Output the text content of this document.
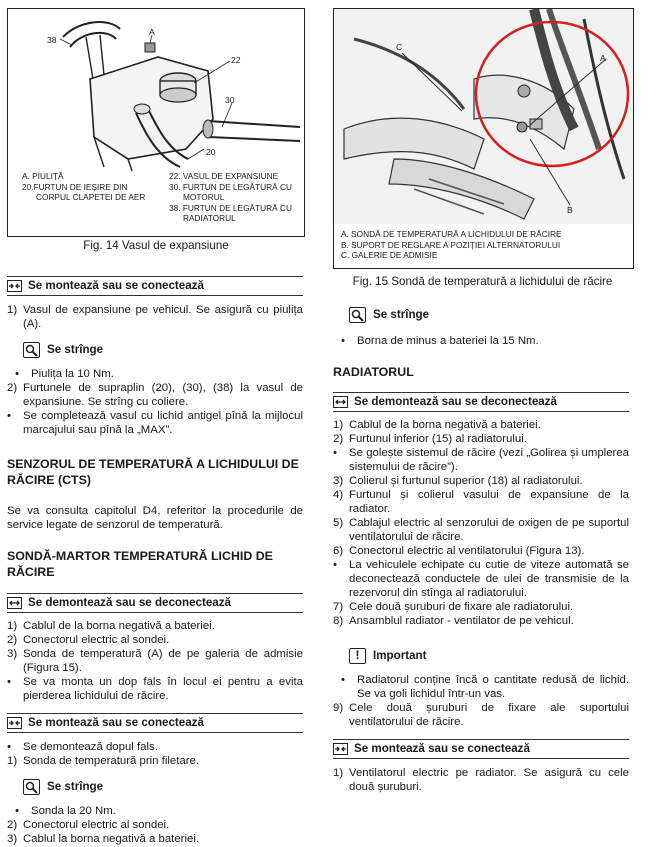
38
A
22
30
20
A. PIULIȚĂ
20.FURTUN DE IEȘIRE DIN
CORPUL CLAPETEI DE AER
22. VASUL DE EXPANSIUNE
30. FURTUN DE LEGĂTURĂ CU
MOTORUL
38. FURTUN DE LEGĂTURĂ CU
RADIATORUL
Fig. 14 Vasul de expansiune
Se montează sau se conectează
1) Vasul de expansiune pe vehicul. Se asigură cu piulița (A).
Se strînge
•	Piulița la 10 Nm.
2) Furtunele de supraplin (20), (30), (38) la vasul de expansiune. Se strîng cu coliere.
•	Se completează vasul cu lichid antigel pînă la mijlocul marcajului sau pînă la „MAX”.
SENZORUL DE TEMPERATURĂ A LICHIDULUI DE RĂCIRE (CTS)

Se va consulta capitolul D4, referitor la procedurile de service legate de senzorul de temperatură.

SONDĂ-MARTOR TEMPERATURĂ LICHID DE RĂCIRE
Se demontează sau se deconectează
1) Cablul de la borna negativă a bateriei.
2) Conectorul electric al sondei.
3) Sonda de temperatură (A) de pe galeria de admisie (Figura 15).
•	Se va monta un dop fals în locul ei pentru a evita pierderea lichidului de răcire.
Se montează sau se conectează
•	Se demontează dopul fals.
1) Sonda de temperatură prin filetare.
Se strînge
•	Sonda la 20 Nm.
2) Conectorul electric al sondei.
3) Cablul la borna negativă a bateriei.
C
A
B
A. SONDĂ DE TEMPERATURĂ A LICHIDULUI DE RĂCIRE
B. SUPORT DE REGLARE A POZIȚIEI ALTERNATORULUI
C. GALERIE DE ADMISIE
Fig. 15 Sondă de temperatură a lichidului de răcire
Se strînge
•	Borna de minus a bateriei la 15 Nm.
RADIATORUL
Se demontează sau se deconectează
1) Cablul de la borna negativă a bateriei.
2) Furtunul inferior (15) al radiatorului.
•	Se golește sistemul de răcire (vezi „Golirea și umplerea sistemului de răcire”).
3) Colierul și furtunul superior (18) al radiatorului.
4) Furtunul și colierul vasului de expansiune de la radiator.
5) Cablajul electric al senzorului de oxigen de pe suportul ventilatorului de răcire.
6) Conectorul electric al ventilatorului (Figura 13).
•	La vehiculele echipate cu cutie de viteze automată se deconectează conductele de ulei de transmisie de la rezervorul din stînga al radiatorului.
7) Cele două șuruburi de fixare ale radiatorului.
8) Ansamblul radiator - ventilator de pe vehicul.
!	Important
•	Radiatorul conține încă o cantitate redusă de lichid. Se va goli lichidul într-un vas.
9) Cele două șuruburi de fixare ale suportului ventilatorului de răcire.
Se montează sau se conectează
1) Ventilatorul electric pe radiator. Se asigură cu cele două șuruburi.
